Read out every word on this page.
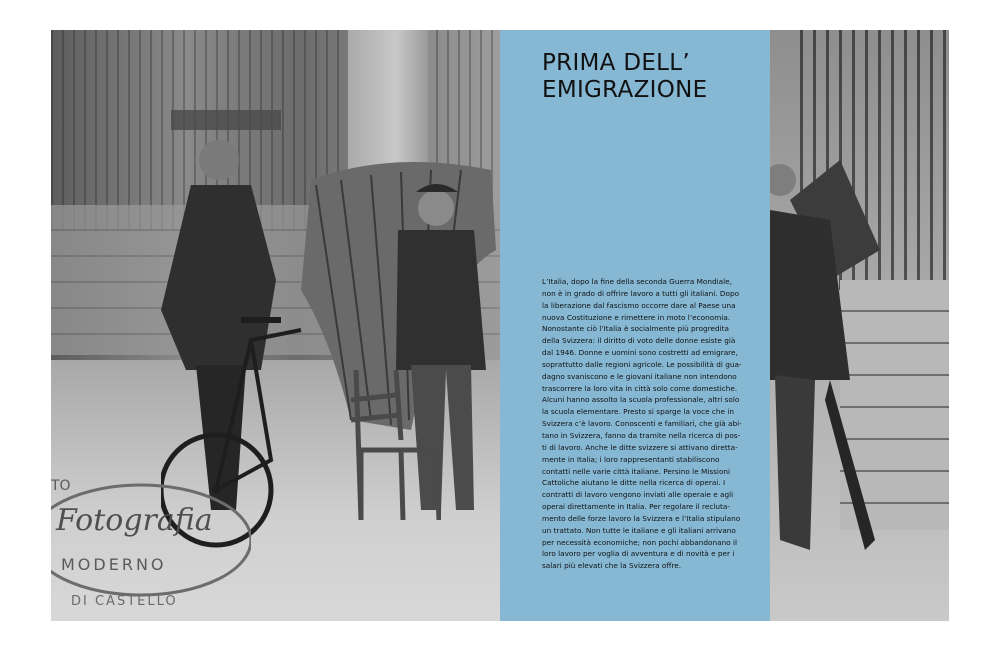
TO
Fotografia
MODERNO
DI CASTELLO
PRIMA DELL’
EMIGRAZIONE
L’Italia, dopo la fine della seconda Guerra Mondiale,
non è in grado di offrire lavoro a tutti gli italiani. Dopo
la liberazione dal fascismo occorre dare al Paese una
nuova Costituzione e rimettere in moto l’economia.
Nonostante ciò l’Italia è socialmente più progredita
della Svizzera: il diritto di voto delle donne esiste già
dal 1946. Donne e uomini sono costretti ad emigrare,
soprattutto dalle regioni agricole. Le possibilità di gua-
dagno svaniscono e le giovani italiane non intendono
trascorrere la loro vita in città solo come domestiche.
Alcuni hanno assolto la scuola professionale, altri solo
la scuola elementare. Presto si sparge la voce che in
Svizzera c’è lavoro. Conoscenti e familiari, che già abi-
tano in Svizzera, fanno da tramite nella ricerca di pos-
ti di lavoro. Anche le ditte svizzere si attivano diretta-
mente in Italia; i loro rappresentanti stabiliscono
contatti nelle varie città italiane. Persino le Missioni
Cattoliche aiutano le ditte nella ricerca di operai. I
contratti di lavoro vengono inviati alle operaie e agli
operai direttamente in Italia. Per regolare il recluta-
mento delle forze lavoro la Svizzera e l’Italia stipulano
un trattato. Non tutte le italiane e gli italiani arrivano
per necessità economiche; non pochi abbandonano il
loro lavoro per voglia di avventura e di novità e per i
salari più elevati che la Svizzera offre.
